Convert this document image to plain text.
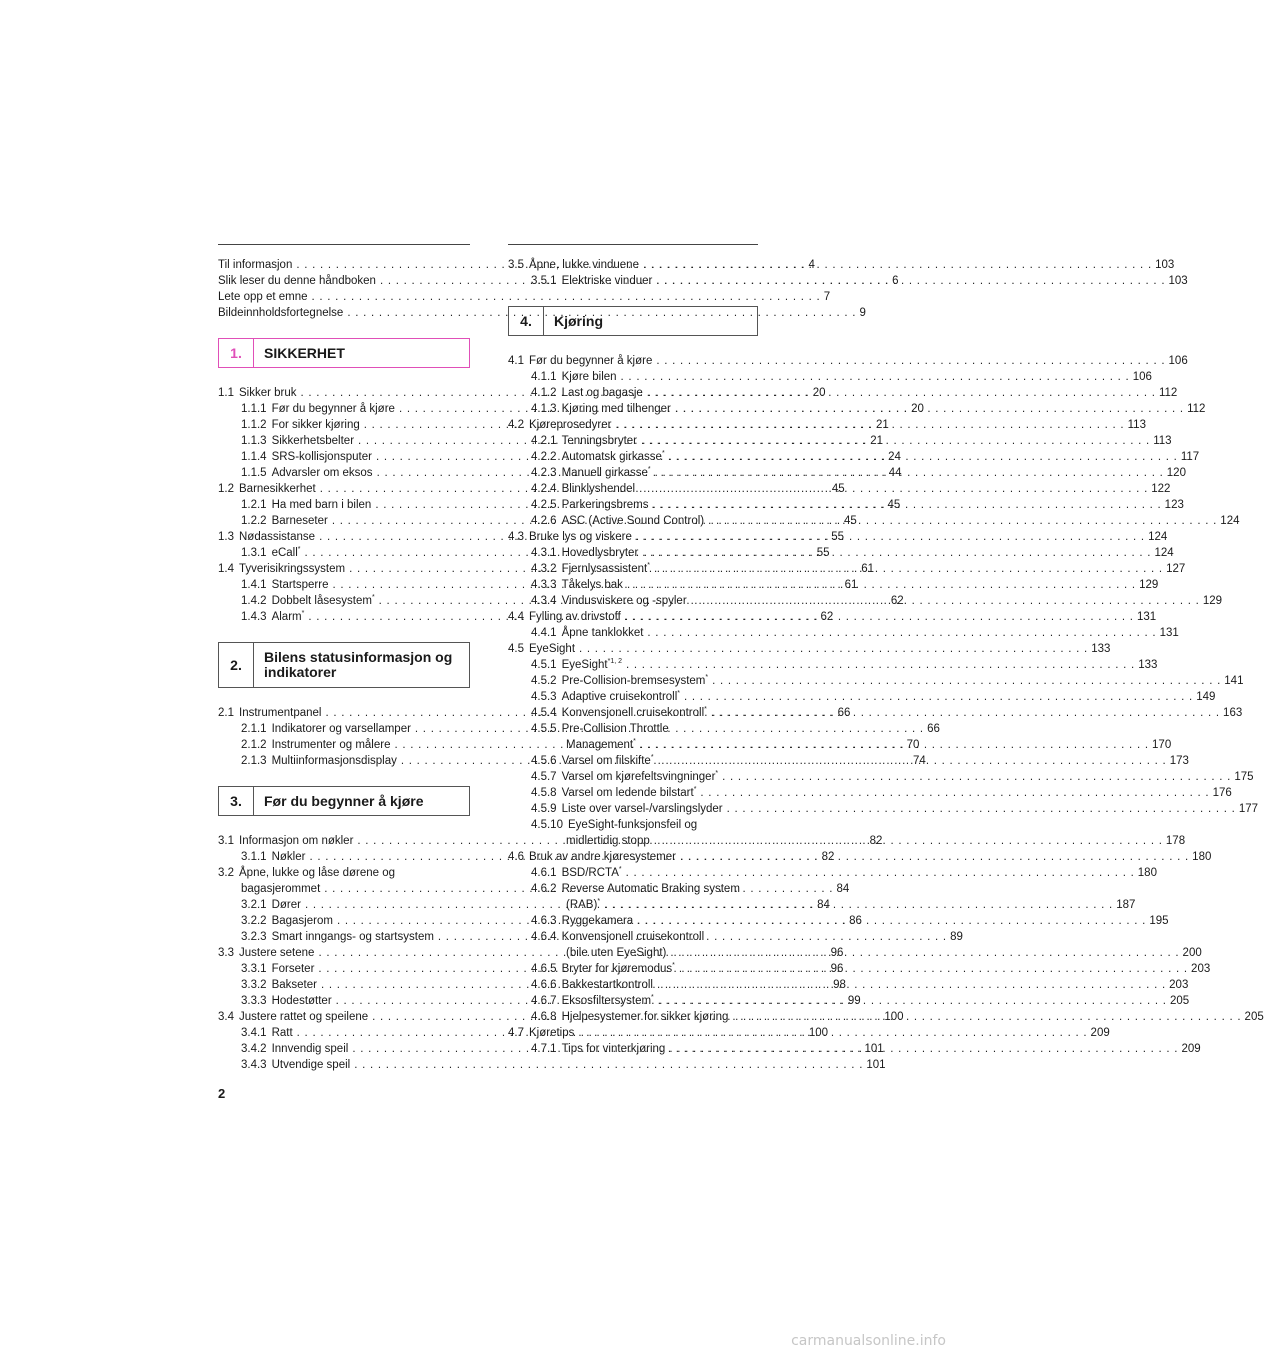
Til informasjon . . .	4
Slik leser du denne håndboken . . .	6
Lete opp et emne . . .	7
Bildeinnholdsfortegnelse . . .	9
1.	SIKKERHET
1.1 Sikker bruk . . .	20
1.1.1 Før du begynner å kjøre . . .	20
1.1.2 For sikker kjøring . . .	21
1.1.3 Sikkerhetsbelter . . .	21
1.1.4 SRS-kollisjonsputer . . .	24
1.1.5 Advarsler om eksos . . .	44
1.2 Barnesikkerhet . . .	45
1.2.1 Ha med barn i bilen . . .	45
1.2.2 Barneseter . . .	45
1.3 Nødassistanse . . .	55
1.3.1 eCall* . . .	55
1.4 Tyverisikringssystem . . .	61
1.4.1 Startsperre . . .	61
1.4.2 Dobbelt låsesystem* . . .	62
1.4.3 Alarm* . . .	62
2.	Bilens statusinformasjon og
indikatorer
2.1 Instrumentpanel . . .	66
2.1.1 Indikatorer og varsellamper . . .	66
2.1.2 Instrumenter og målere . . .	70
2.1.3 Multiinformasjonsdisplay . . .	74
3.	Før du begynner å kjøre
3.1 Informasjon om nøkler . . .	82
3.1.1 Nøkler . . .	82
3.2 Åpne, lukke og låse dørene og
bagasjerommet . . .	84
3.2.1 Dører . . .	84
3.2.2 Bagasjerom . . .	86
3.2.3 Smart inngangs- og startsystem . . .	89
3.3 Justere setene . . .	96
3.3.1 Forseter . . .	96
3.3.2 Bakseter . . .	98
3.3.3 Hodestøtter . . .	99
3.4 Justere rattet og speilene . . .	100
3.4.1 Ratt . . .	100
3.4.2 Innvendig speil . . .	101
3.4.3 Utvendige speil . . .	101
3.5 Åpne, lukke vinduene . . .	103
3.5.1 Elektriske vinduer . . .	103
4.	Kjøring
4.1 Før du begynner å kjøre . . .	106
4.1.1 Kjøre bilen . . .	106
4.1.2 Last og bagasje . . .	112
4.1.3 Kjøring med tilhenger . . .	112
4.2 Kjøreprosedyrer . . .	113
4.2.1 Tenningsbryter . . .	113
4.2.2 Automatsk girkasse* . . .	117
4.2.3 Manuell girkasse* . . .	120
4.2.4 Blinklyshendel . . .	122
4.2.5 Parkeringsbrems . . .	123
4.2.6 ASC (Active Sound Control) . . .	124
4.3 Bruke lys og viskere . . .	124
4.3.1 Hovedlysbryter . . .	124
4.3.2 Fjernlysassistent* . . .	127
4.3.3 Tåkelys bak . . .	129
4.3.4 Vindusviskere og -spyler . . .	129
4.4 Fylling av drivstoff . . .	131
4.4.1 Åpne tanklokket . . .	131
4.5 EyeSight . . .	133
4.5.1 EyeSight$^{*1, 2}$ . . .	133
4.5.2 Pre-Collision-bremsesystem* . . .	141
4.5.3 Adaptive cruisekontroll* . . .	149
4.5.4 Konvensjonell cruisekontroll* . . .	163
4.5.5 Pre-Collision Throttle
Management* . . .	170
4.5.6 Varsel om filskifte* . . .	173
4.5.7 Varsel om kjørefeltsvingninger* . . .	175
4.5.8 Varsel om ledende bilstart* . . .	176
4.5.9 Liste over varsel-/varslingslyder . . .	177
4.5.10 EyeSight-funksjonsfeil og
midlertidig stopp . . .	178
4.6 Bruk av andre kjøresystemer . . .	180
4.6.1 BSD/RCTA* . . .	180
4.6.2 Reverse Automatic Braking system
(RAB)* . . .	187
4.6.3 Ryggekamera . . .	195
4.6.4 Konvensjonell cruisekontroll
(bile uten EyeSight) . . .	200
4.6.5 Bryter for kjøremodus* . . .	203
4.6.6 Bakkestartkontroll . . .	203
4.6.7 Eksosfiltersystem* . . .	205
4.6.8 Hjelpesystemer for sikker kjøring . . .	205
4.7 Kjøretips . . .	209
4.7.1 Tips for vinterkjøring . . .	209
2
carmanualsonline.info
